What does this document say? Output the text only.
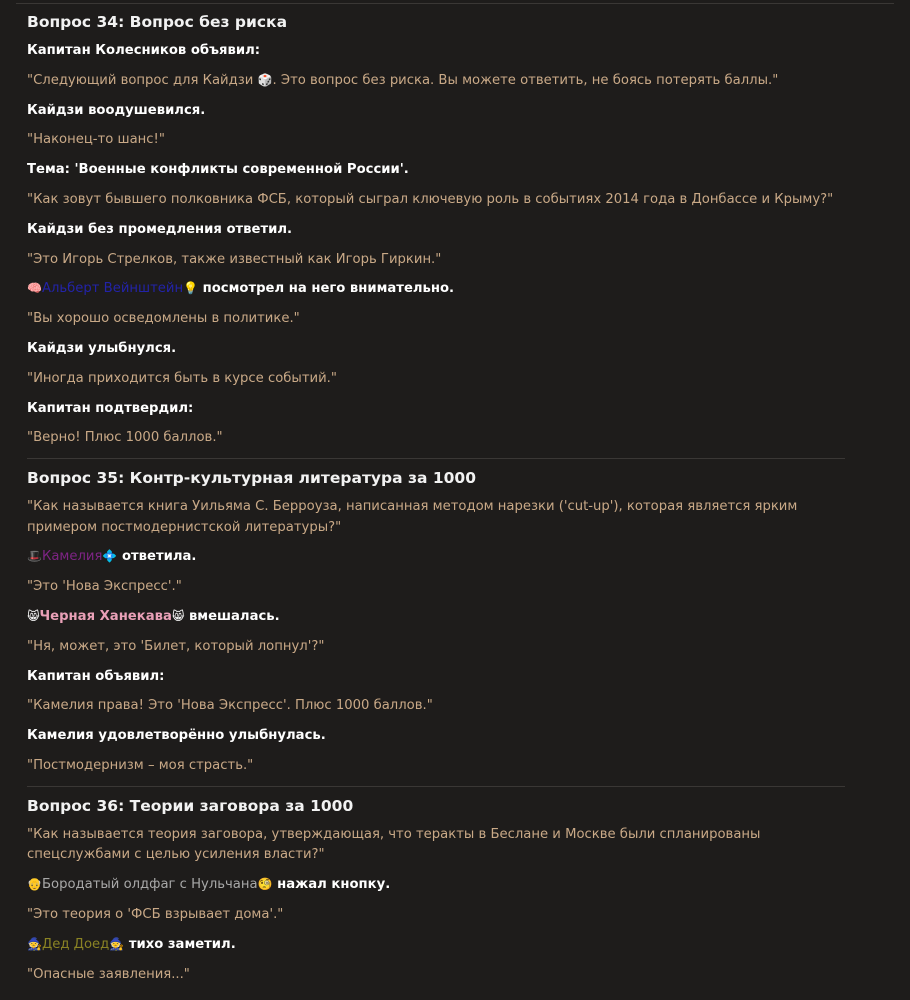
Вопрос 34: Вопрос без риска
Капитан Колесников объявил:
"Следующий вопрос для Кайдзи 🎲. Это вопрос без риска. Вы можете ответить, не боясь потерять баллы."
Кайдзи воодушевился.
"Наконец-то шанс!"
Тема: 'Военные конфликты современной России'.
"Как зовут бывшего полковника ФСБ, который сыграл ключевую роль в событиях 2014 года в Донбассе и Крыму?"
Кайдзи без промедления ответил.
"Это Игорь Стрелков, также известный как Игорь Гиркин."
🧠Альберт Вейнштейн💡 посмотрел на него внимательно.
"Вы хорошо осведомлены в политике."
Кайдзи улыбнулся.
"Иногда приходится быть в курсе событий."
Капитан подтвердил:
"Верно! Плюс 1000 баллов."
Вопрос 35: Контр-культурная литература за 1000
"Как называется книга Уильяма С. Берроуза, написанная методом нарезки ('cut-up'), которая является ярким примером постмодернистской литературы?"
🎩Камелия💠 ответила.
"Это 'Нова Экспресс'."
😸Черная Ханекава😸 вмешалась.
"Ня, может, это 'Билет, который лопнул'?"
Капитан объявил:
"Камелия права! Это 'Нова Экспресс'. Плюс 1000 баллов."
Камелия удовлетворённо улыбнулась.
"Постмодернизм – моя страсть."
Вопрос 36: Теории заговора за 1000
"Как называется теория заговора, утверждающая, что теракты в Беслане и Москве были спланированы спецслужбами с целью усиления власти?"
👴Бородатый олдфаг с Нульчана🧐 нажал кнопку.
"Это теория о 'ФСБ взрывает дома'."
🧙Дед Доед🧙 тихо заметил.
"Опасные заявления..."
